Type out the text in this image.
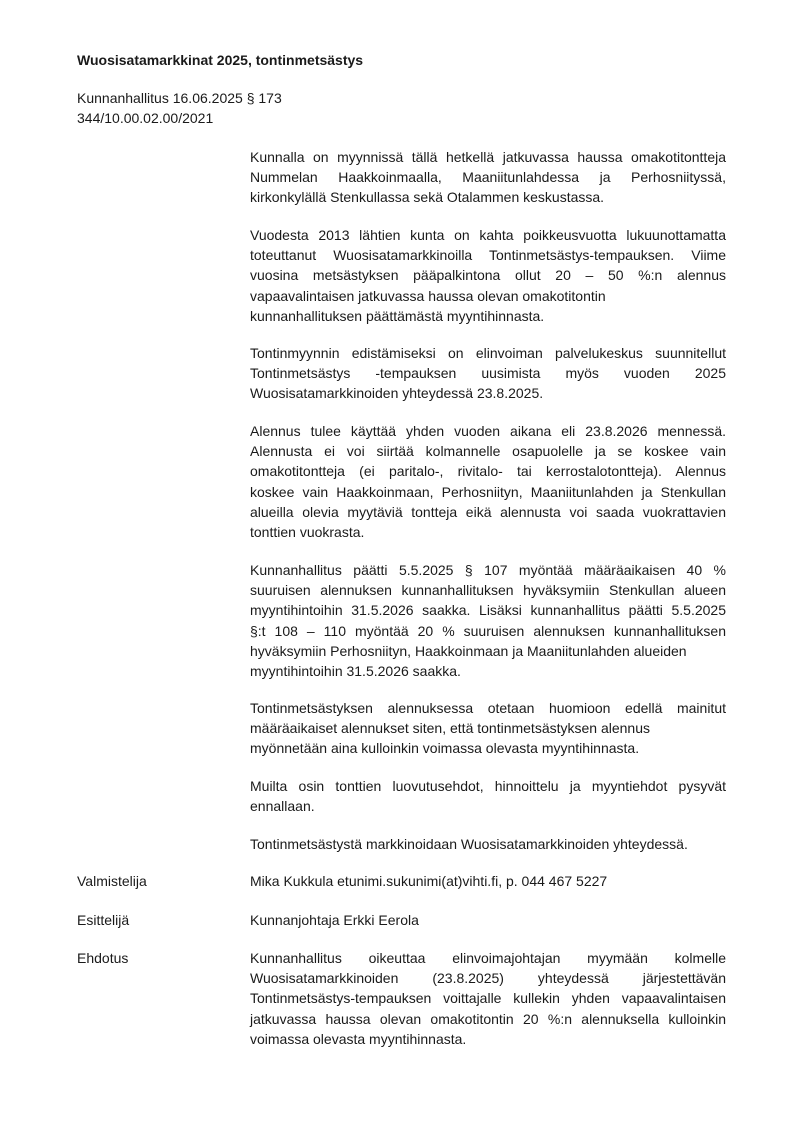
Wuosisatamarkkinat 2025, tontinmetsästys
Kunnanhallitus 16.06.2025 § 173
344/10.00.02.00/2021

Kunnalla on myynnissä tällä hetkellä jatkuvassa haussa omakotitontteja
Nummelan Haakkoinmaalla, Maaniitunlahdessa ja Perhosniityssä,
kirkonkylällä Stenkullassa sekä Otalammen keskustassa.

Vuodesta 2013 lähtien kunta on kahta poikkeusvuotta lukuunottamatta
toteuttanut Wuosisatamarkkinoilla Tontinmetsästys-tempauksen. Viime
vuosina metsästyksen pääpalkintona ollut 20 – 50 %:n alennus
vapaavalintaisen jatkuvassa haussa olevan omakotitontin
kunnanhallituksen päättämästä myyntihinnasta.

Tontinmyynnin edistämiseksi on elinvoiman palvelukeskus suunnitellut
Tontinmetsästys -tempauksen uusimista myös vuoden 2025
Wuosisatamarkkinoiden yhteydessä 23.8.2025.

Alennus tulee käyttää yhden vuoden aikana eli 23.8.2026 mennessä.
Alennusta ei voi siirtää kolmannelle osapuolelle ja se koskee vain
omakotitontteja (ei paritalo-, rivitalo- tai kerrostalotontteja). Alennus
koskee vain Haakkoinmaan, Perhosniityn, Maaniitunlahden ja Stenkullan
alueilla olevia myytäviä tontteja eikä alennusta voi saada vuokrattavien
tonttien vuokrasta.

Kunnanhallitus päätti 5.5.2025 § 107 myöntää määräaikaisen 40 %
suuruisen alennuksen kunnanhallituksen hyväksymiin Stenkullan alueen
myyntihintoihin 31.5.2026 saakka. Lisäksi kunnanhallitus päätti 5.5.2025
§:t 108 – 110 myöntää 20 % suuruisen alennuksen kunnanhallituksen
hyväksymiin Perhosniityn, Haakkoinmaan ja Maaniitunlahden alueiden
myyntihintoihin 31.5.2026 saakka.

Tontinmetsästyksen alennuksessa otetaan huomioon edellä mainitut
määräaikaiset alennukset siten, että tontinmetsästyksen alennus
myönnetään aina kulloinkin voimassa olevasta myyntihinnasta.

Muilta osin tonttien luovutusehdot, hinnoittelu ja myyntiehdot pysyvät
ennallaan.

Tontinmetsästystä markkinoidaan Wuosisatamarkkinoiden yhteydessä.

Valmistelija	Mika Kukkula etunimi.sukunimi(at)vihti.fi, p. 044 467 5227
Esittelijä	Kunnanjohtaja Erkki Eerola
Ehdotus	Kunnanhallitus oikeuttaa elinvoimajohtajan myymään kolmelle
Wuosisatamarkkinoiden (23.8.2025) yhteydessä järjestettävän
Tontinmetsästys-tempauksen voittajalle kullekin yhden vapaavalintaisen
jatkuvassa haussa olevan omakotitontin 20 %:n alennuksella kulloinkin
voimassa olevasta myyntihinnasta.
